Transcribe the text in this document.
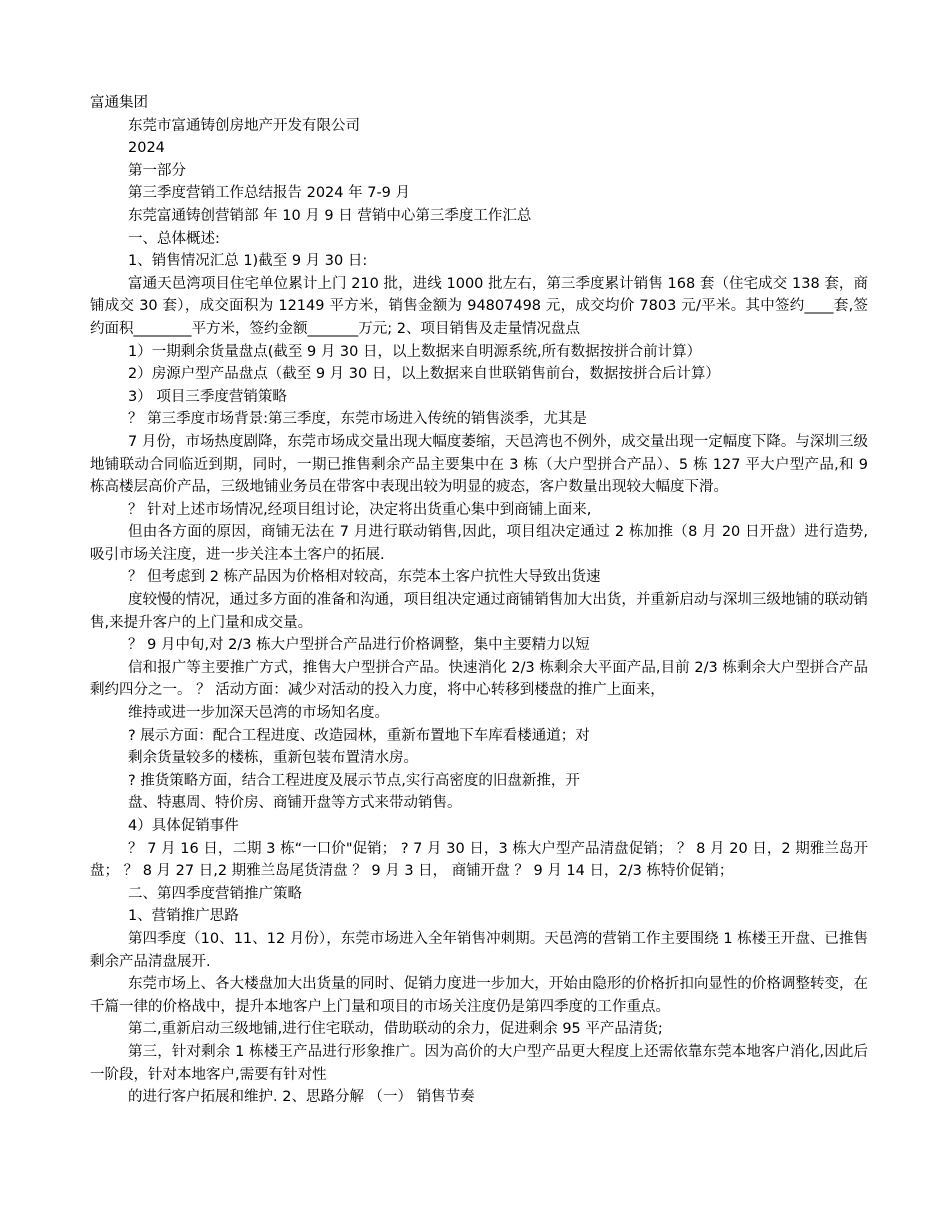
富通集团
东莞市富通铸创房地产开发有限公司
2024
第一部分
第三季度营销工作总结报告 2024 年 7-9 月
东莞富通铸创营销部 年 10 月 9 日 营销中心第三季度工作汇总
一、总体概述:
1、销售情况汇总 1)截至 9 月 30 日:
富通天邑湾项目住宅单位累计上门 210 批，进线 1000 批左右，第三季度累计销售 168 套（住宅成交 138 套，商铺成交 30 套），成交面积为 12149 平方米，销售金额为 94807498 元，成交均价 7803 元/平米。其中签约____套,签约面积________平方米，签约金额_______万元; 2、项目销售及走量情况盘点
1）一期剩余货量盘点(截至 9 月 30 日，以上数据来自明源系统,所有数据按拼合前计算）
2）房源户型产品盘点（截至 9 月 30 日，以上数据来自世联销售前台，数据按拼合后计算）
3） 项目三季度营销策略
？ 第三季度市场背景:第三季度，东莞市场进入传统的销售淡季，尤其是
7 月份，市场热度剧降，东莞市场成交量出现大幅度萎缩，天邑湾也不例外，成交量出现一定幅度下降。与深圳三级地铺联动合同临近到期，同时，一期已推售剩余产品主要集中在 3 栋（大户型拼合产品）、5 栋 127 平大户型产品,和 9 栋高楼层高价产品，三级地铺业务员在带客中表现出较为明显的疲态，客户数量出现较大幅度下滑。
？ 针对上述市场情况,经项目组讨论，决定将出货重心集中到商铺上面来,
但由各方面的原因，商铺无法在 7 月进行联动销售,因此，项目组决定通过 2 栋加推（8 月 20 日开盘）进行造势,吸引市场关注度，进一步关注本土客户的拓展.
？ 但考虑到 2 栋产品因为价格相对较高，东莞本土客户抗性大导致出货速
度较慢的情况，通过多方面的准备和沟通，项目组决定通过商铺销售加大出货，并重新启动与深圳三级地铺的联动销售,来提升客户的上门量和成交量。
？ 9 月中旬,对 2/3 栋大户型拼合产品进行价格调整，集中主要精力以短
信和报广等主要推广方式，推售大户型拼合产品。快速消化 2/3 栋剩余大平面产品,目前 2/3 栋剩余大户型拼合产品剩约四分之一。 ？ 活动方面：减少对活动的投入力度，将中心转移到楼盘的推广上面来，
维持或进一步加深天邑湾的市场知名度。
? 展示方面：配合工程进度、改造园林，重新布置地下车库看楼通道；对
剩余货量较多的楼栋，重新包装布置清水房。
? 推货策略方面，结合工程进度及展示节点,实行高密度的旧盘新推，开
盘、特惠周、特价房、商铺开盘等方式来带动销售。
4）具体促销事件
？ 7 月 16 日，二期 3 栋“一口价"促销； ? 7 月 30 日，3 栋大户型产品清盘促销； ？ 8 月 20 日，2 期雅兰岛开盘； ？ 8 月 27 日,2 期雅兰岛尾货清盘 ？ 9 月 3 日， 商铺开盘 ？ 9 月 14 日，2/3 栋特价促销；
二、第四季度营销推广策略
1、营销推广思路
第四季度（10、11、12 月份），东莞市场进入全年销售冲刺期。天邑湾的营销工作主要围绕 1 栋楼王开盘、已推售剩余产品清盘展开.
东莞市场上、各大楼盘加大出货量的同时、促销力度进一步加大，开始由隐形的价格折扣向显性的价格调整转变，在千篇一律的价格战中，提升本地客户上门量和项目的市场关注度仍是第四季度的工作重点。
第二,重新启动三级地铺,进行住宅联动，借助联动的余力，促进剩余 95 平产品清货;
第三，针对剩余 1 栋楼王产品进行形象推广。因为高价的大户型产品更大程度上还需依靠东莞本地客户消化,因此后一阶段，针对本地客户,需要有针对性
的进行客户拓展和维护. 2、思路分解 （一） 销售节奏
